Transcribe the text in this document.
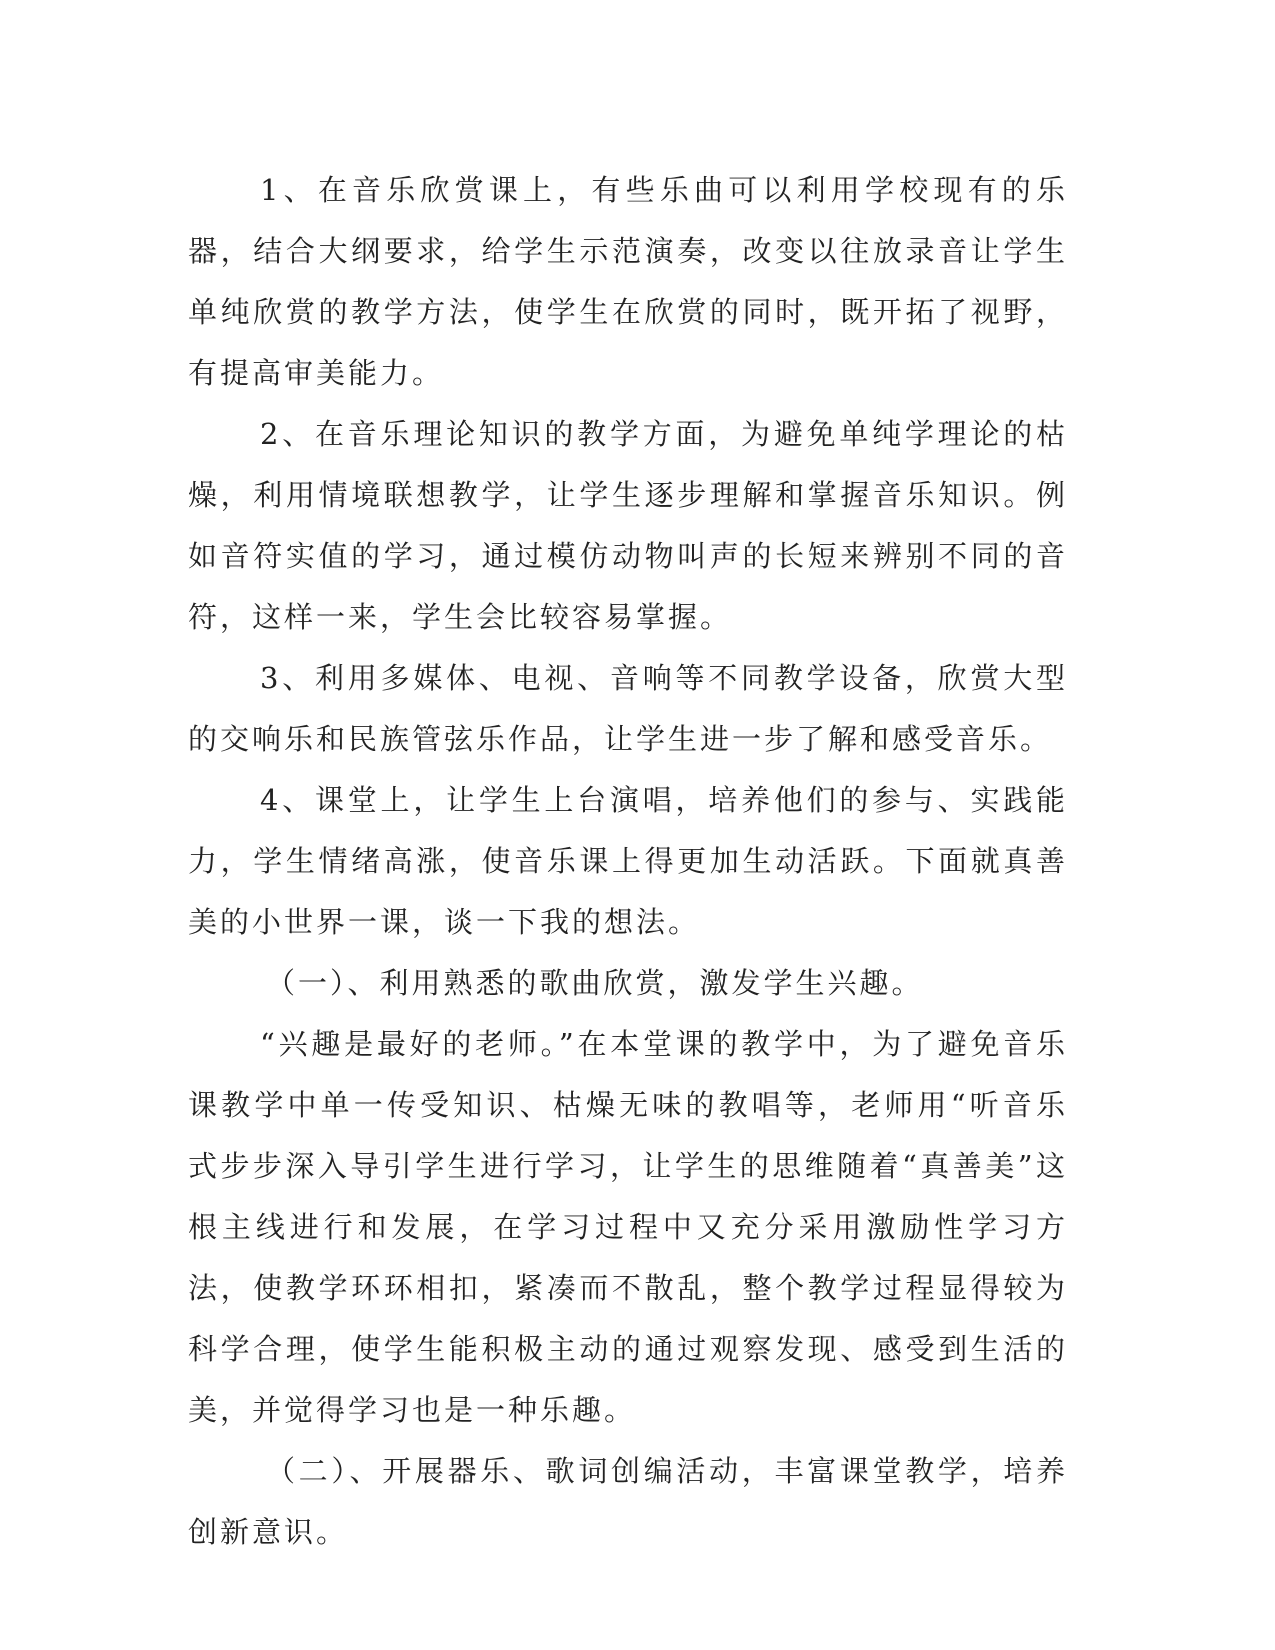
1、在音乐欣赏课上，有些乐曲可以利用学校现有的乐器，结合大纲要求，给学生示范演奏，改变以往放录音让学生单纯欣赏的教学方法，使学生在欣赏的同时，既开拓了视野，有提高审美能力。

2、在音乐理论知识的教学方面，为避免单纯学理论的枯燥，利用情境联想教学，让学生逐步理解和掌握音乐知识。例如音符实值的学习，通过模仿动物叫声的长短来辨别不同的音符，这样一来，学生会比较容易掌握。

3、利用多媒体、电视、音响等不同教学设备，欣赏大型的交响乐和民族管弦乐作品，让学生进一步了解和感受音乐。

4、课堂上，让学生上台演唱，培养他们的参与、实践能力，学生情绪高涨，使音乐课上得更加生动活跃。下面就真善美的小世界一课，谈一下我的想法。

（一）、利用熟悉的歌曲欣赏，激发学生兴趣。

“兴趣是最好的老师。”在本堂课的教学中，为了避免音乐课教学中单一传受知识、枯燥无味的教唱等，老师用“听音乐式步步深入导引学生进行学习，让学生的思维随着“真善美”这根主线进行和发展，在学习过程中又充分采用激励性学习方法，使教学环环相扣，紧凑而不散乱，整个教学过程显得较为科学合理，使学生能积极主动的通过观察发现、感受到生活的美，并觉得学习也是一种乐趣。

（二）、开展器乐、歌词创编活动，丰富课堂教学，培养创新意识。
